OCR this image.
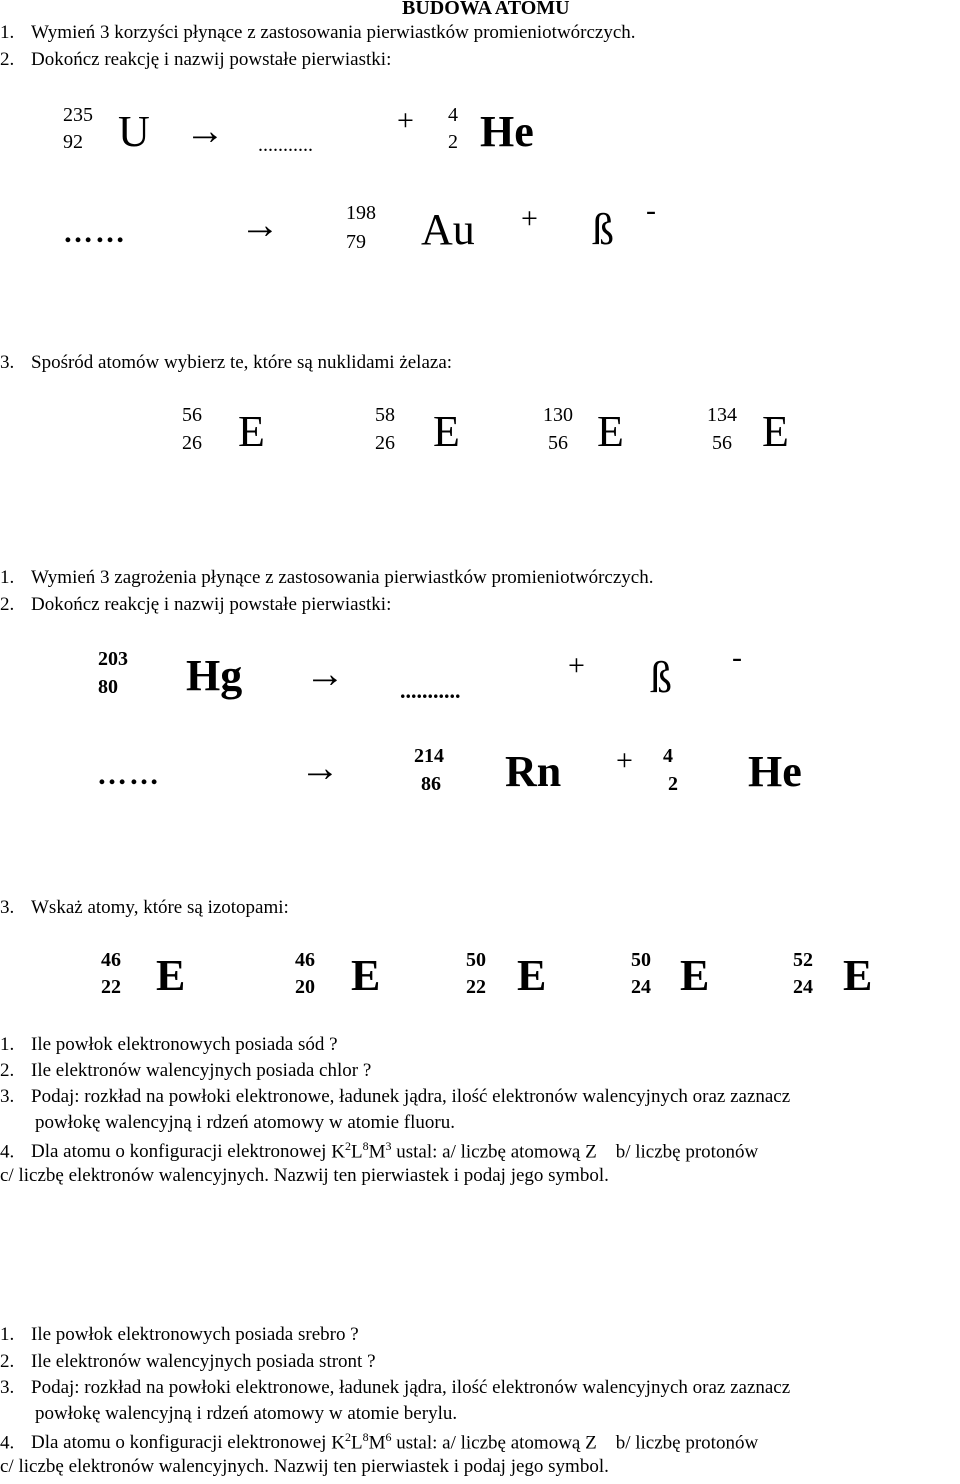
BUDOWA ATOMU
1. Wymień 3 korzyści płynące z zastosowania pierwiastków promieniotwórczych.
2. Dokończ reakcję i nazwij powstałe pierwiastki:
235
92 U → ...........
+ 4
2 He
……	→	198
79 Au + ß -
3. Spośród atomów wybierz te, które są nuklidami żelaza:
56
26 E	58
26 E	130
56 E	134
56 E
1. Wymień 3 zagrożenia płynące z zastosowania pierwiastków promieniotwórczych.
2. Dokończ reakcję i nazwij powstałe pierwiastki:
203
80 Hg →	...........
+ ß -
……	→	214
86 Rn + 4
2 He
3. Wskaż atomy, które są izotopami:
46
22 E	46
20 E	50
22 E	50
24 E	52
24 E
1. Ile powłok elektronowych posiada sód ?
2. Ile elektronów walencyjnych posiada chlor ?
3. Podaj: rozkład na powłoki elektronowe, ładunek jądra, ilość elektronów walencyjnych oraz zaznacz
powłokę walencyjną i rdzeń atomowy w atomie fluoru.
4. Dla atomu o konfiguracji elektronowej $K^2L^8M^3$ ustal: a/ liczbę atomową Z    b/ liczbę protonów
c/ liczbę elektronów walencyjnych. Nazwij ten pierwiastek i podaj jego symbol.
1. Ile powłok elektronowych posiada srebro ?
2. Ile elektronów walencyjnych posiada stront ?
3. Podaj: rozkład na powłoki elektronowe, ładunek jądra, ilość elektronów walencyjnych oraz zaznacz
powłokę walencyjną i rdzeń atomowy w atomie berylu.
4. Dla atomu o konfiguracji elektronowej $K^2L^8M^6$ ustal: a/ liczbę atomową Z    b/ liczbę protonów
c/ liczbę elektronów walencyjnych. Nazwij ten pierwiastek i podaj jego symbol.
